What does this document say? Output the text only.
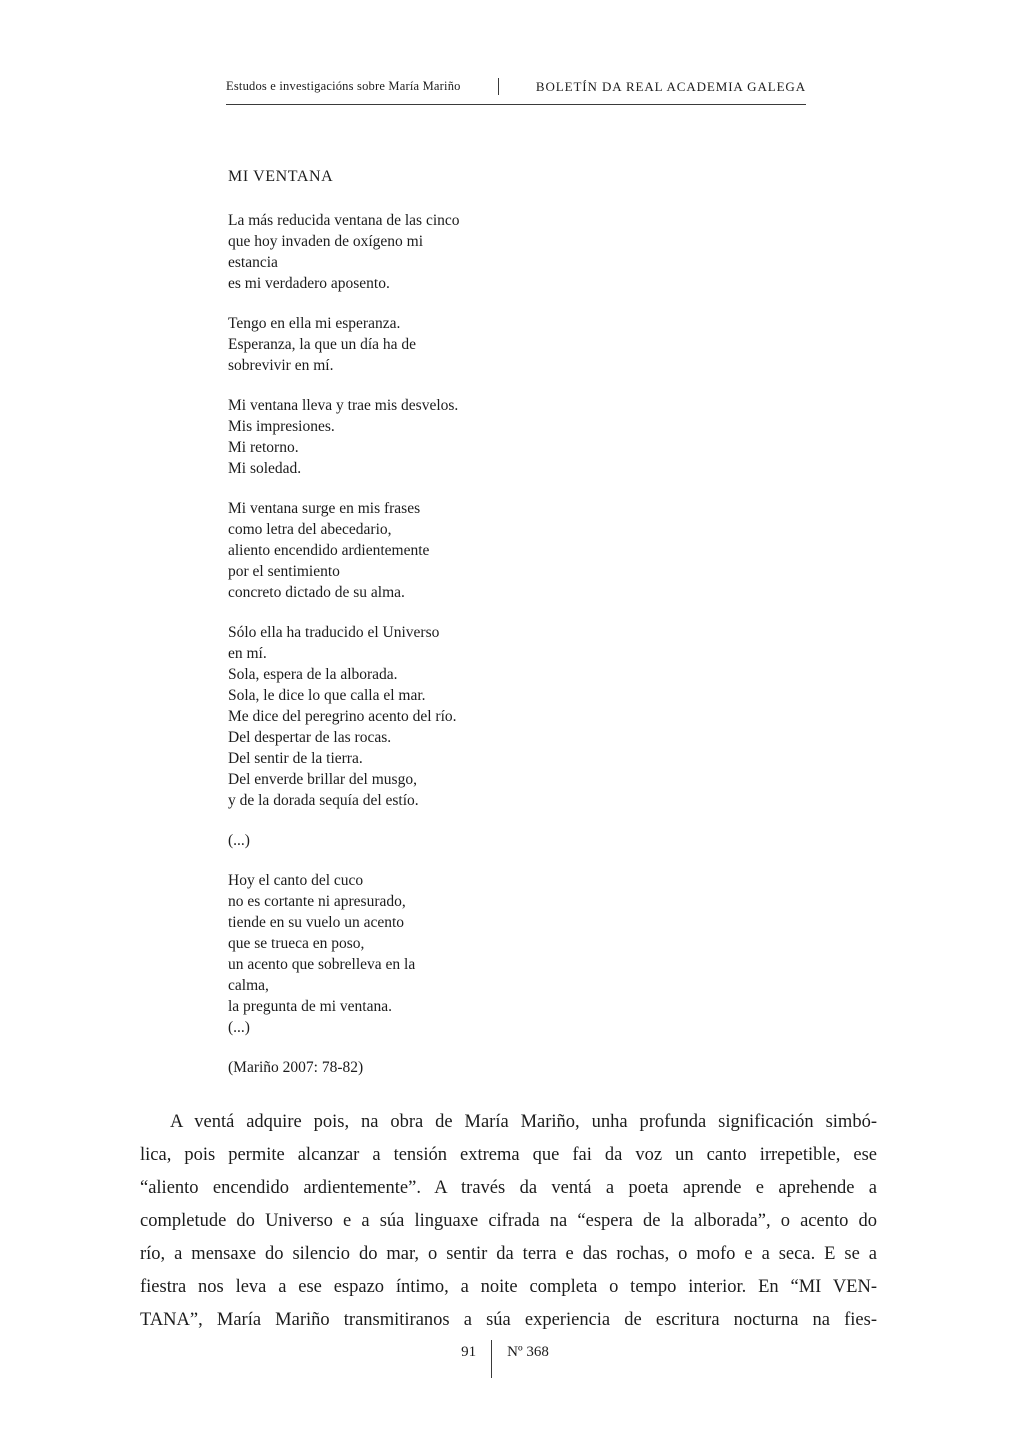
Estudos e investigacións sobre María Mariño	BOLETÍN DA REAL ACADEMIA GALEGA
MI VENTANA
La más reducida ventana de las cinco
que hoy invaden de oxígeno mi
estancia
es mi verdadero aposento.
Tengo en ella mi esperanza.
Esperanza, la que un día ha de
sobrevivir en mí.
Mi ventana lleva y trae mis desvelos.
Mis impresiones.
Mi retorno.
Mi soledad.
Mi ventana surge en mis frases
como letra del abecedario,
aliento encendido ardientemente
por el sentimiento
concreto dictado de su alma.
Sólo ella ha traducido el Universo
en mí.
Sola, espera de la alborada.
Sola, le dice lo que calla el mar.
Me dice del peregrino acento del río.
Del despertar de las rocas.
Del sentir de la tierra.
Del enverde brillar del musgo,
y de la dorada sequía del estío.
(...)
Hoy el canto del cuco
no es cortante ni apresurado,
tiende en su vuelo un acento
que se trueca en poso,
un acento que sobrelleva en la
calma,
la pregunta de mi ventana.
(...)
(Mariño 2007: 78-82)
A ventá adquire pois, na obra de María Mariño, unha profunda significación simbó-
lica, pois permite alcanzar a tensión extrema que fai da voz un canto irrepetible, ese
“aliento encendido ardientemente”. A través da ventá a poeta aprende e aprehende a
completude do Universo e a súa linguaxe cifrada na “espera de la alborada”, o acento do
río, a mensaxe do silencio do mar, o sentir da terra e das rochas, o mofo e a seca. E se a
fiestra nos leva a ese espazo íntimo, a noite completa o tempo interior. En “MI VEN-
TANA”, María Mariño transmitiranos a súa experiencia de escritura nocturna na fies-
91 Nº 368
